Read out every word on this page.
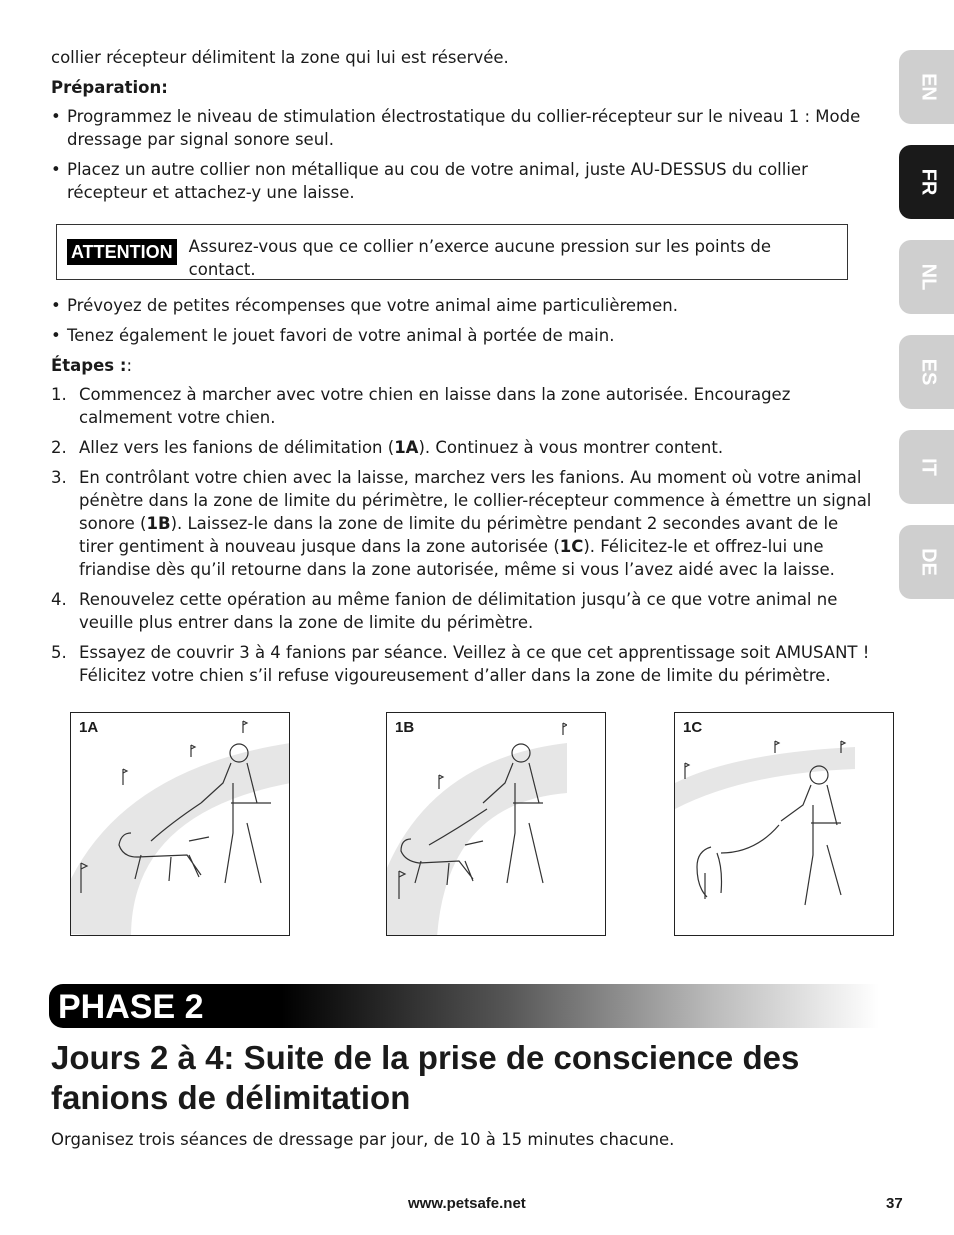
EN
FR
NL
ES
IT
DE

collier récepteur délimitent la zone qui lui est réservée.

Préparation:
• Programmez le niveau de stimulation électrostatique du collier-récepteur sur le niveau 1 : Mode dressage par signal sonore seul.
• Placez un autre collier non métallique au cou de votre animal, juste AU-DESSUS du collier récepteur et attachez-y une laisse.
ATTENTION Assurez-vous que ce collier n’exerce aucune pression sur les points de contact.
• Prévoyez de petites récompenses que votre animal aime particulièremen.
• Tenez également le jouet favori de votre animal à portée de main.
Étapes ::
1. Commencez à marcher avec votre chien en laisse dans la zone autorisée. Encouragez calmement votre chien.
2. Allez vers les fanions de délimitation (1A). Continuez à vous montrer content.
3. En contrôlant votre chien avec la laisse, marchez vers les fanions. Au moment où votre animal pénètre dans la zone de limite du périmètre, le collier-récepteur commence à émettre un signal sonore (1B). Laissez-le dans la zone de limite du périmètre pendant 2 secondes avant de le tirer gentiment à nouveau jusque dans la zone autorisée (1C). Félicitez-le et offrez-lui une friandise dès qu’il retourne dans la zone autorisée, même si vous l’avez aidé avec la laisse.
4. Renouvelez cette opération au même fanion de délimitation jusqu’à ce que votre animal ne veuille plus entrer dans la zone de limite du périmètre.
5. Essayez de couvrir 3 à 4 fanions par séance. Veillez à ce que cet apprentissage soit AMUSANT ! Félicitez votre chien s’il refuse vigoureusement d’aller dans la zone de limite du périmètre.
1A	1B	1C
PHASE 2
Jours 2 à 4: Suite de la prise de conscience des fanions de délimitation
Organisez trois séances de dressage par jour, de 10 à 15 minutes chacune.
www.petsafe.net	37
